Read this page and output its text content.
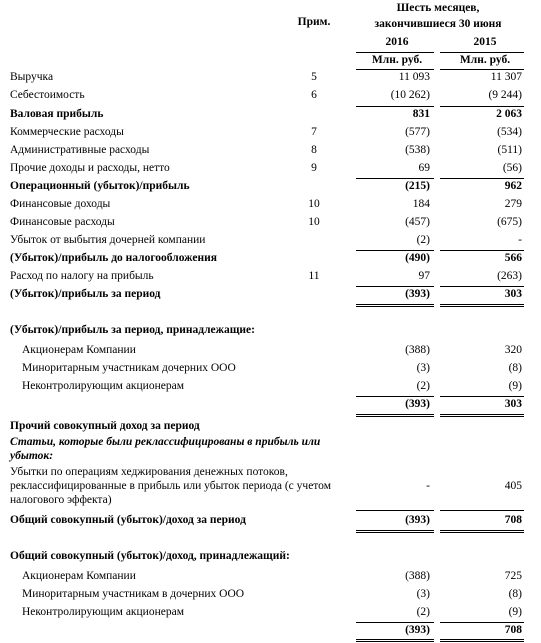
Прим.
Шесть месяцев,
закончившиеся 30 июня
2016	2015
Млн. руб.	Млн. руб.
Выручка	5	11 093	11 307
Себестоимость	6	(10 262)	(9 244)
Валовая прибыль	831	2 063
Коммерческие расходы	7	(577)	(534)
Административные расходы	8	(538)	(511)
Прочие доходы и расходы, нетто	9	69	(56)
Операционный (убыток)/прибыль	(215)	962
Финансовые доходы	10	184	279
Финансовые расходы	10	(457)	(675)
Убыток от выбытия дочерней компании	(2)	-
(Убыток)/прибыль до налогообложения	(490)	566
Расход по налогу на прибыль	11	97	(263)
(Убыток)/прибыль за период	(393)	303
(Убыток)/прибыль за период, принадлежащие:
Акционерам Компании	(388)	320
Миноритарным участникам дочерних ООО	(3)	(8)
Неконтролирующим акционерам	(2)	(9)
(393)	303
Прочий совокупный доход за период
Статьи, которые были реклассифицированы в прибыль или
убыток:
Убытки по операциям хеджирования денежных потоков,
реклассифицированные в прибыль или убыток периода (с учетом
налогового эффекта)
-	405
Общий совокупный (убыток)/доход за период	(393)	708
Общий совокупный (убыток)/доход, принадлежащий:
Акционерам Компании	(388)	725
Миноритарным участникам в дочерних ООО	(3)	(8)
Неконтролирующим акционерам	(2)	(9)
(393)	708
